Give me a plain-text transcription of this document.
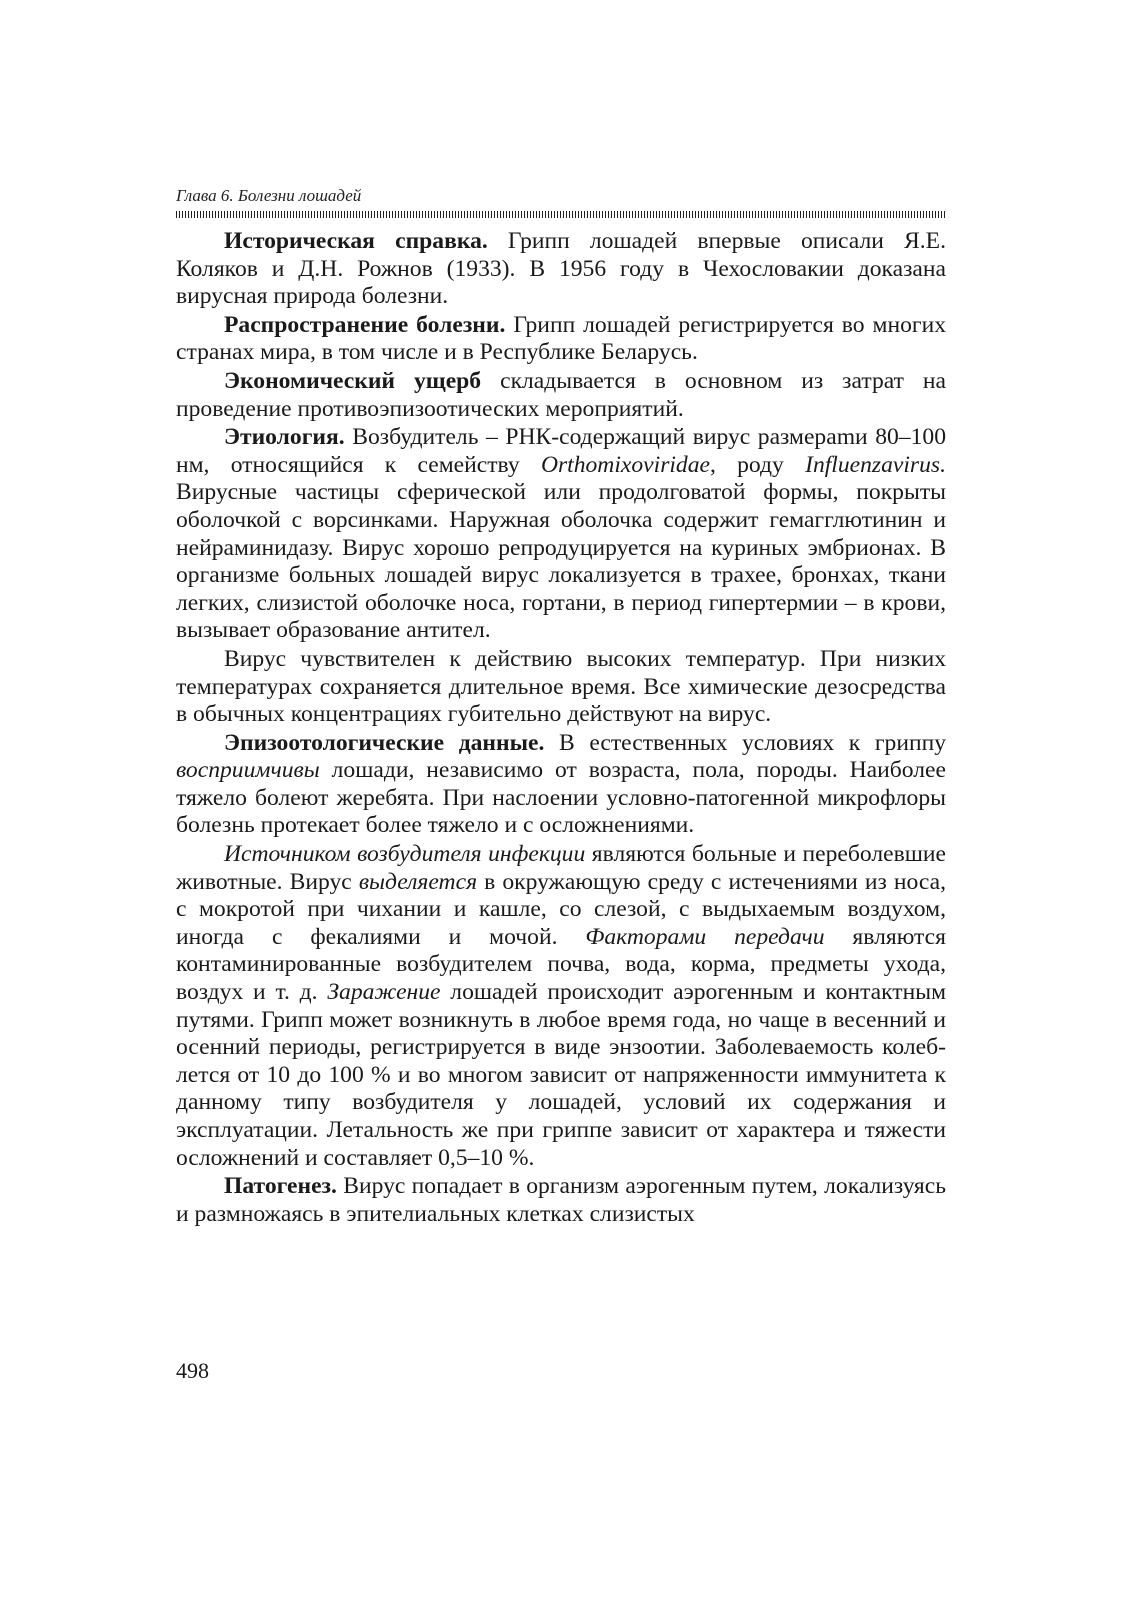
Глава 6. Болезни лошадей

Историческая справка. Грипп лошадей впервые описали Я.Е. Коляков и Д.Н. Рожнов (1933). В 1956 году в Чехословакии доказана вирусная природа болезни.

Распространение болезни. Грипп лошадей регистрируется во многих странах мира, в том числе и в Республике Беларусь.

Экономический ущерб складывается в основном из затрат на проведение противоэпизоотических мероприятий.

Этиология. Возбудитель – РНК-содержащий вирус размераmи 80–100 нм, относящийся к семейству Orthomixoviridae, роду Influenzavirus. Вирусные частицы сферической или продолговатой формы, покрыты оболочкой с ворсинками. Наружная оболочка содержит гемагглютинин и нейраминидазу. Вирус хорошо репродуцируется на куриных эмбрионах. В организме больных лошадей вирус локализуется в трахее, бронхах, ткани легких, слизистой оболочке носа, гортани, в период гипертермии – в крови, вызывает образование антител.

Вирус чувствителен к действию высоких температур. При низких температурах сохраняется длительное время. Все химические дезосредства в обычных концентрациях губительно действуют на вирус.

Эпизоотологические данные. В естественных условиях к гриппу восприимчивы лошади, независимо от возраста, пола, породы. Наиболее тяжело болеют жеребята. При наслоении условно-патогенной микрофлоры болезнь протекает более тяжело и с осложнениями.

Источником возбудителя инфекции являются больные и переболевшие животные. Вирус выделяется в окружающую среду с истечениями из носа, с мокротой при чихании и кашле, со слезой, с выдыхаемым воздухом, иногда с фекалиями и мочой. Факторами передачи являются контаминированные возбудителем почва, вода, корма, предметы ухода, воздух и т. д. Заражение лошадей происходит аэрогенным и контактным путями. Грипп может возникнуть в любое время года, но чаще в весенний и осенний периоды, регистрируется в виде энзоотии. Заболеваемость колеблется от 10 до 100 % и во многом зависит от напряженности иммунитета к данному типу возбудителя у лошадей, условий их содержания и эксплуатации. Летальность же при гриппе зависит от характера и тяжести осложнений и составляет 0,5–10 %.

Патогенез. Вирус попадает в организм аэрогенным путем, локализуясь и размножаясь в эпителиальных клетках слизистых

498
